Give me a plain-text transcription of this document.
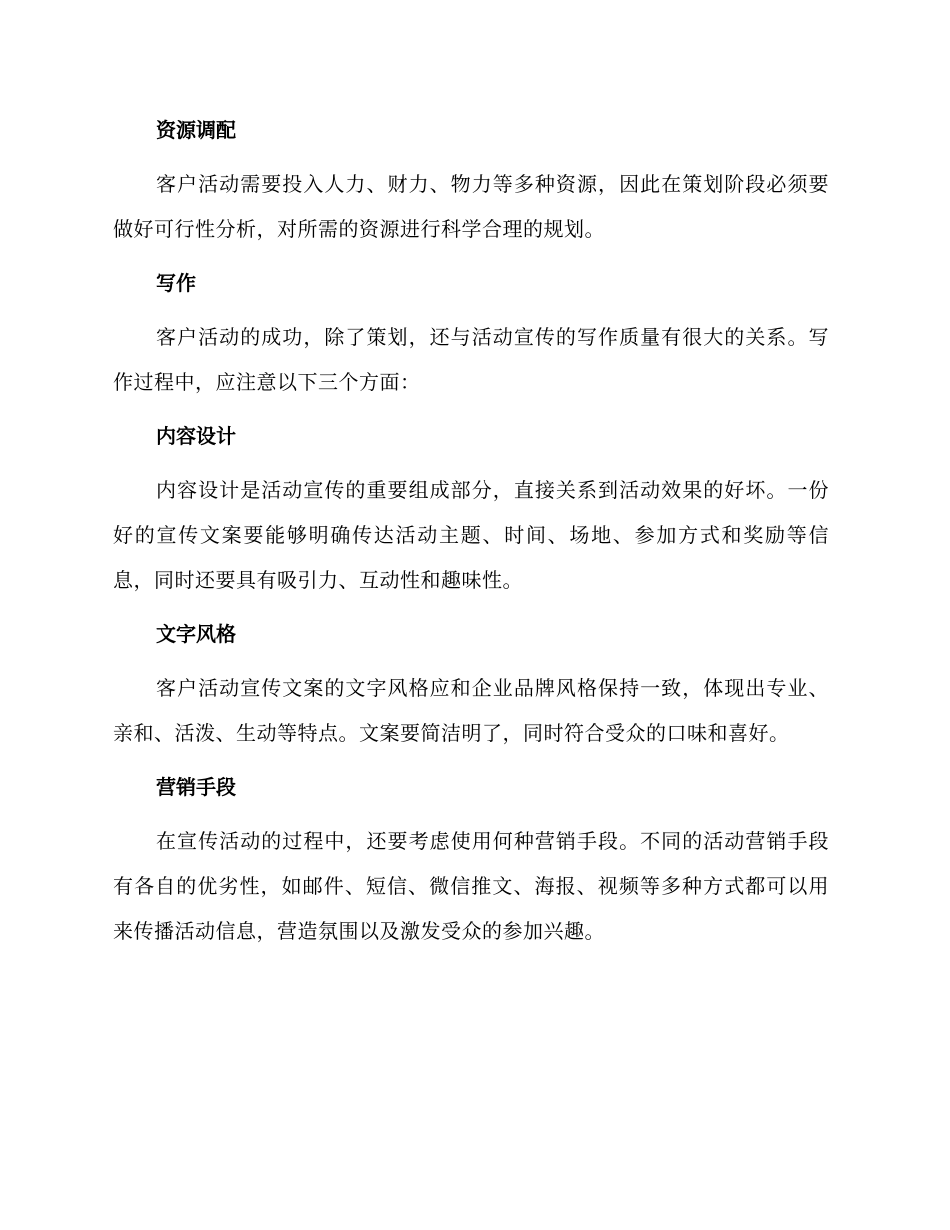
资源调配

客户活动需要投入人力、财力、物力等多种资源，因此在策划阶段必须要做好可行性分析，对所需的资源进行科学合理的规划。

写作

客户活动的成功，除了策划，还与活动宣传的写作质量有很大的关系。写作过程中，应注意以下三个方面：

内容设计

内容设计是活动宣传的重要组成部分，直接关系到活动效果的好坏。一份好的宣传文案要能够明确传达活动主题、时间、场地、参加方式和奖励等信息，同时还要具有吸引力、互动性和趣味性。

文字风格

客户活动宣传文案的文字风格应和企业品牌风格保持一致，体现出专业、亲和、活泼、生动等特点。文案要简洁明了，同时符合受众的口味和喜好。

营销手段

在宣传活动的过程中，还要考虑使用何种营销手段。不同的活动营销手段有各自的优劣性，如邮件、短信、微信推文、海报、视频等多种方式都可以用来传播活动信息，营造氛围以及激发受众的参加兴趣。
